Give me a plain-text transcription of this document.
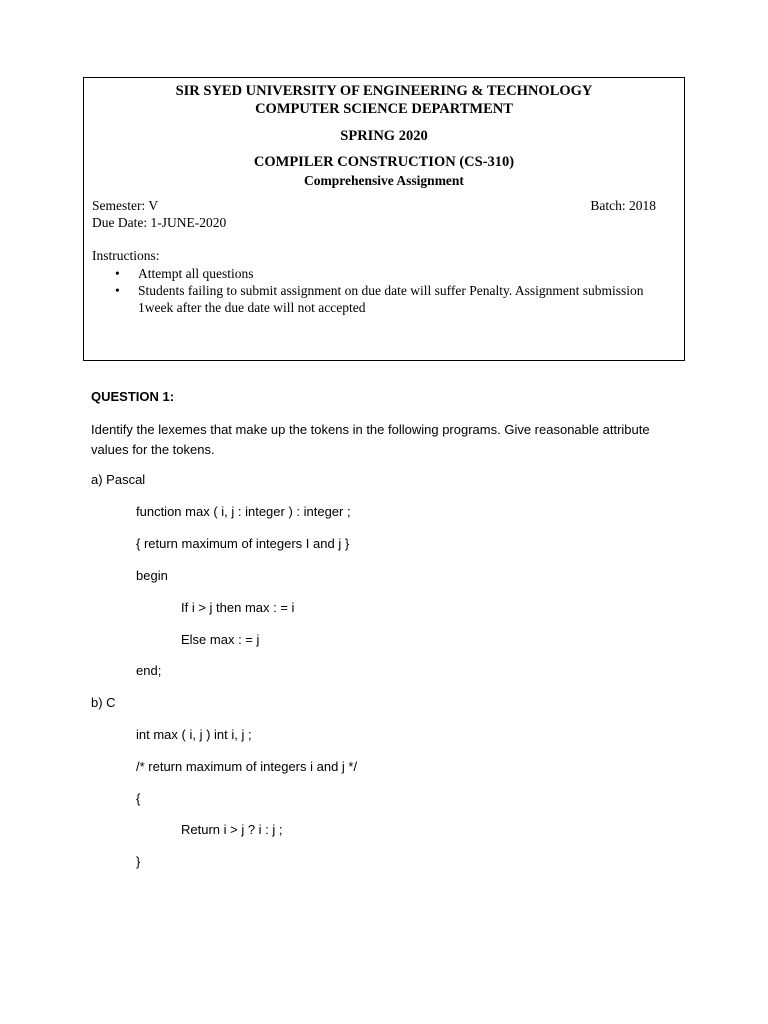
SIR SYED UNIVERSITY OF ENGINEERING & TECHNOLOGY
COMPUTER SCIENCE DEPARTMENT
SPRING 2020
COMPILER CONSTRUCTION (CS-310)
Comprehensive Assignment
Semester: V	Batch: 2018
Due Date: 1-JUNE-2020
Instructions:
• Attempt all questions
• Students failing to submit assignment on due date will suffer Penalty. Assignment submission 1week after the due date will not accepted
QUESTION 1:
Identify the lexemes that make up the tokens in the following programs. Give reasonable attribute values for the tokens.
a) Pascal
function max ( i, j : integer ) : integer ;
{ return maximum of integers I and j }
begin
If i > j then max : = i
Else max : = j
end;
b) C
int max ( i, j ) int i, j ;
/* return maximum of integers i and j */
{
Return i > j ? i : j ;
}
